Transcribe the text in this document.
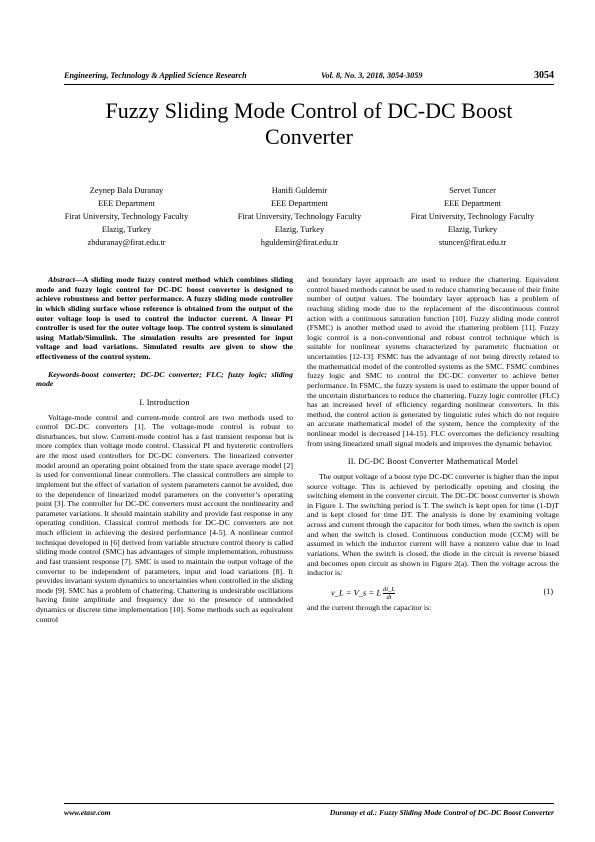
Engineering, Technology & Applied Science Research	Vol. 8, No. 3, 2018, 3054-3059	3054
Fuzzy Sliding Mode Control of DC-DC Boost
Converter
Zeynep Bala Duranay
EEE Department
Firat University, Technology Faculty
Elazig, Turkey
zbduranay@firat.edu.tr
Hanifi Guldemir
EEE Department
Firat University, Technology Faculty
Elazig, Turkey
hguldemir@firat.edu.tr
Servet Tuncer
EEE Department
Firat University, Technology Faculty
Elazig, Turkey
stuncer@firat.edu.tr

Abstract—A sliding mode fuzzy control method which combines sliding mode and fuzzy logic control for DC-DC boost converter is designed to achieve robustness and better performance. A fuzzy sliding mode controller in which sliding surface whose reference is obtained from the output of the outer voltage loop is used to control the inductor current. A linear PI controller is used for the outer voltage loop. The control system is simulated using Matlab/Simulink. The simulation results are presented for input voltage and load variations. Simulated results are given to show the effectiveness of the control system.

Keywords-boost converter; DC-DC converter; FLC; fuzzy logic; sliding mode

I. Introduction

Voltage-mode control and current-mode control are two methods used to control DC-DC converters [1]. The voltage-mode control is robust to disturbances, but slow. Current-mode control has a fast transient response but is more complex than voltage mode control. Classical PI and hysteretic controllers are the most used controllers for DC-DC converters. The linearized converter model around an operating point obtained from the state space average model [2] is used for conventional linear controllers. The classical controllers are simple to implement but the effect of variation of system parameters cannot be avoided, due to the dependence of linearized model parameters on the converter’s operating point [3]. The controller for DC-DC converters must account the nonlinearity and parameter variations. It should maintain stability and provide fast response in any operating condition. Classical control methods for DC-DC converters are not much efficient in achieving the desired performance [4-5]. A nonlinear control technique developed in [6] derived from variable structure control theory is called sliding mode control (SMC) has advantages of simple implementation, robustness and fast transient response [7]. SMC is used to maintain the output voltage of the converter to be independent of parameters, input and load variations [8]. It provides invariant system dynamics to uncertainties when controlled in the sliding mode [9]. SMC has a problem of chattering. Chattering is undesirable oscillations having finite amplitude and frequency due to the presence of unmodeled dynamics or discrete time implementation [10]. Some methods such as equivalent control

and boundary layer approach are used to reduce the chattering. Equivalent control based methods cannot be used to reduce chattering because of their finite number of output values. The boundary layer approach has a problem of reaching sliding mode due to the replacement of the discontinuous control action with a continuous saturation function [10]. Fuzzy sliding mode control (FSMC) is another method used to avoid the chattering problem [11]. Fuzzy logic control is a non-conventional and robust control technique which is suitable for nonlinear systems characterized by parametric fluctuation or uncertainties [12-13]. FSMC has the advantage of not being directly related to the mathematical model of the controlled systems as the SMC. FSMC combines fuzzy logic and SMC to control the DC-DC converter to achieve better performance. In FSMC, the fuzzy system is used to estimate the upper bound of the uncertain disturbances to reduce the chattering. Fuzzy logic controller (FLC) has an increased level of efficiency regarding nonlinear converters. In this method, the control action is generated by linguistic rules which do not require an accurate mathematical model of the system, hence the complexity of the nonlinear model is decreased [14-15]. FLC overcomes the deficiency resulting from using linearized small signal models and improves the dynamic behavior.

II. DC-DC Boost Converter Mathematical Model

The output voltage of a boost type DC-DC converter is higher than the input source voltage. This is achieved by periodically opening and closing the switching element in the converter circuit. The DC-DC boost converter is shown in Figure 1. The switching period is T. The switch is kept open for time (1-D)T and is kept closed for time DT. The analysis is done by examining voltage across and current through the capacitor for both times, when the switch is open and when the switch is closed. Continuous conduction mode (CCM) will be assumed in which the inductor current will have a nonzero value due to load variations. When the switch is closed, the diode in the circuit is reverse biased and becomes open circuit as shown in Figure 2(a). Then the voltage across the inductor is:

v_L = V_s = L $\frac{di\_L}{dt}$	(1)

and the current through the capacitor is:

www.etasr.com	Duranay et al.: Fuzzy Sliding Mode Control of DC-DC Boost Converter
